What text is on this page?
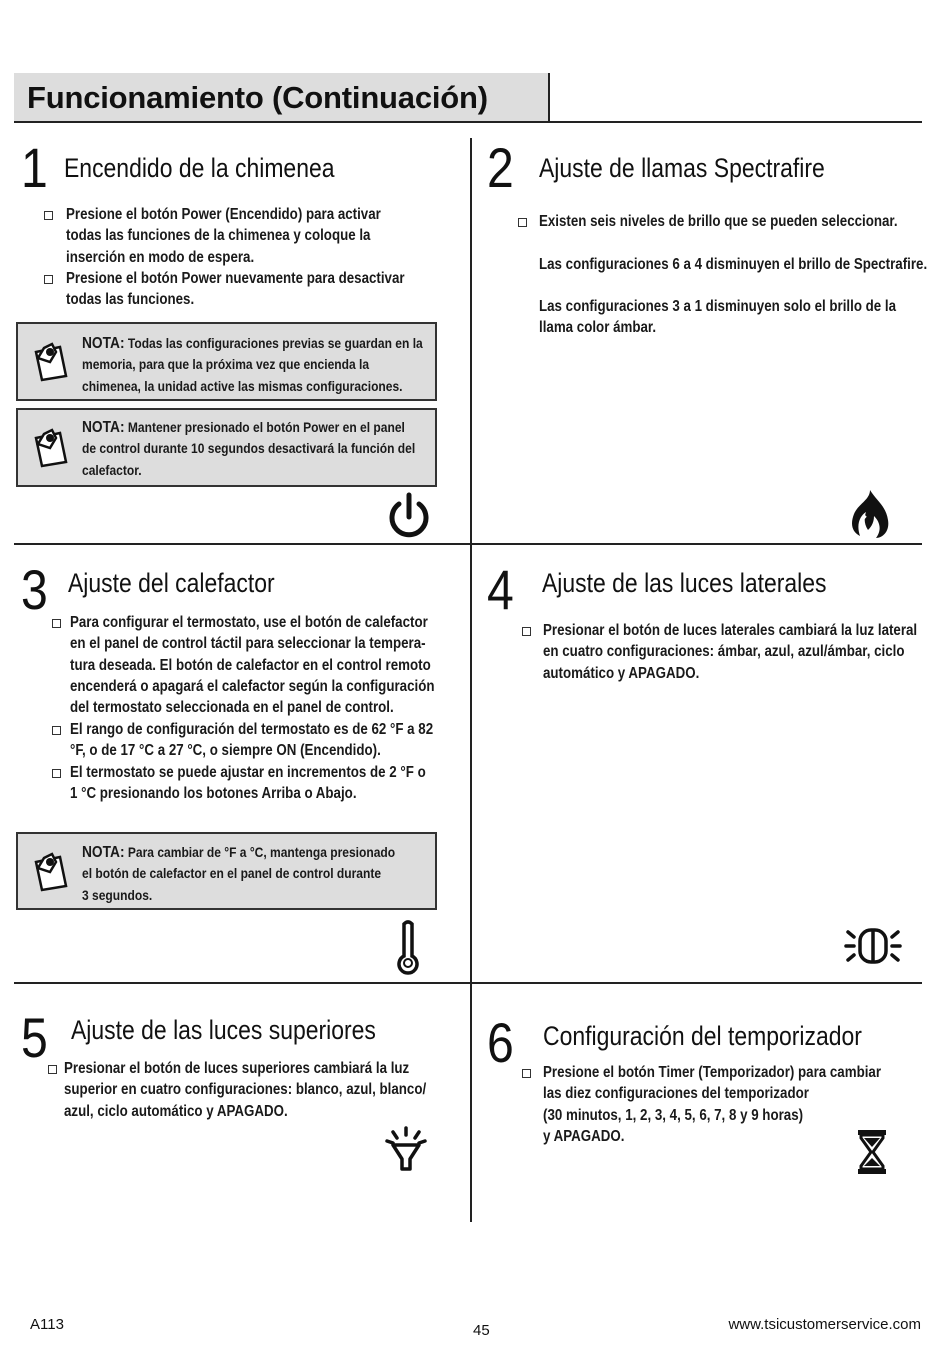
Funcionamiento (Continuación)
1 Encendido de la chimenea
Presione el botón Power (Encendido) para activar
todas las funciones de la chimenea y coloque la
inserción en modo de espera.
Presione el botón Power nuevamente para desactivar
todas las funciones.
NOTA: Todas las configuraciones previas se guardan en la
memoria, para que la próxima vez que encienda la
chimenea, la unidad active las mismas configuraciones.
NOTA: Mantener presionado el botón Power en el panel
de control durante 10 segundos desactivará la función del
calefactor.
2 Ajuste de llamas Spectrafire
Existen seis niveles de brillo que se pueden seleccionar.
Las configuraciones 6 a 4 disminuyen el brillo de Spectrafire.
Las configuraciones 3 a 1 disminuyen solo el brillo de la
llama color ámbar.
3 Ajuste del calefactor
Para configurar el termostato, use el botón de calefactor
en el panel de control táctil para seleccionar la tempera-
tura deseada. El botón de calefactor en el control remoto
encenderá o apagará el calefactor según la configuración
del termostato seleccionada en el panel de control.
El rango de configuración del termostato es de 62 °F a 82
°F, o de 17 °C a 27 °C, o siempre ON (Encendido).
El termostato se puede ajustar en incrementos de 2 °F o
1 °C presionando los botones Arriba o Abajo.
NOTA: Para cambiar de °F a °C, mantenga presionado
el botón de calefactor en el panel de control durante
3 segundos.
4 Ajuste de las luces laterales
Presionar el botón de luces laterales cambiará la luz lateral
en cuatro configuraciones: ámbar, azul, azul/ámbar, ciclo
automático y APAGADO.
5 Ajuste de las luces superiores
Presionar el botón de luces superiores cambiará la luz
superior en cuatro configuraciones: blanco, azul, blanco/
azul, ciclo automático y APAGADO.
6 Configuración del temporizador
Presione el botón Timer (Temporizador) para cambiar
las diez configuraciones del temporizador
(30 minutos, 1, 2, 3, 4, 5, 6, 7, 8 y 9 horas)
y APAGADO.
A113	45	www.tsicustomerservice.com
